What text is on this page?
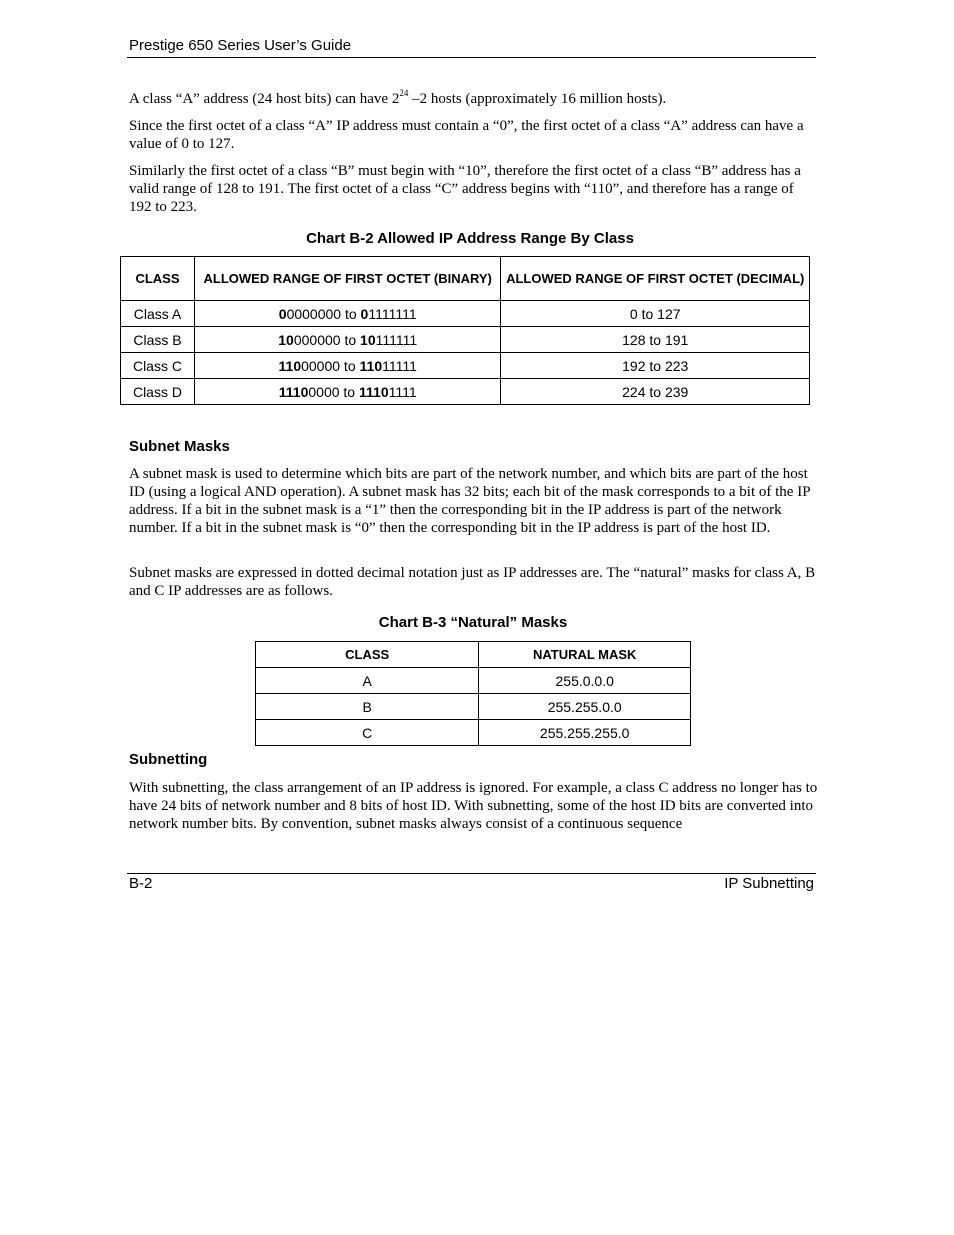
Prestige 650 Series User’s Guide

A class “A” address (24 host bits) can have $2^{24}$ –2 hosts (approximately 16 million hosts).

Since the first octet of a class “A” IP address must contain a “0”, the first octet of a class “A” address can have a value of 0 to 127.

Similarly the first octet of a class “B” must begin with “10”, therefore the first octet of a class “B” address has a valid range of 128 to 191. The first octet of a class “C” address begins with “110”, and therefore has a range of 192 to 223.

Chart B-2 Allowed IP Address Range By Class
CLASS	ALLOWED RANGE OF FIRST OCTET (BINARY)	ALLOWED RANGE OF FIRST OCTET (DECIMAL)
Class A	00000000 to 01111111	0 to 127
Class B	10000000 to 10111111	128 to 191
Class C	11000000 to 11011111	192 to 223
Class D	11100000 to 11101111	224 to 239
Subnet Masks

A subnet mask is used to determine which bits are part of the network number, and which bits are part of the host ID (using a logical AND operation). A subnet mask has 32 bits; each bit of the mask corresponds to a bit of the IP address. If a bit in the subnet mask is a “1” then the corresponding bit in the IP address is part of the network number. If a bit in the subnet mask is “0” then the corresponding bit in the IP address is part of the host ID.

Subnet masks are expressed in dotted decimal notation just as IP addresses are. The “natural” masks for class A, B and C IP addresses are as follows.

Chart B-3 “Natural” Masks
CLASS	NATURAL MASK
A	255.0.0.0
B	255.255.0.0
C	255.255.255.0
Subnetting

With subnetting, the class arrangement of an IP address is ignored. For example, a class C address no longer has to have 24 bits of network number and 8 bits of host ID. With subnetting, some of the host ID bits are converted into network number bits. By convention, subnet masks always consist of a continuous sequence

B-2	IP Subnetting
